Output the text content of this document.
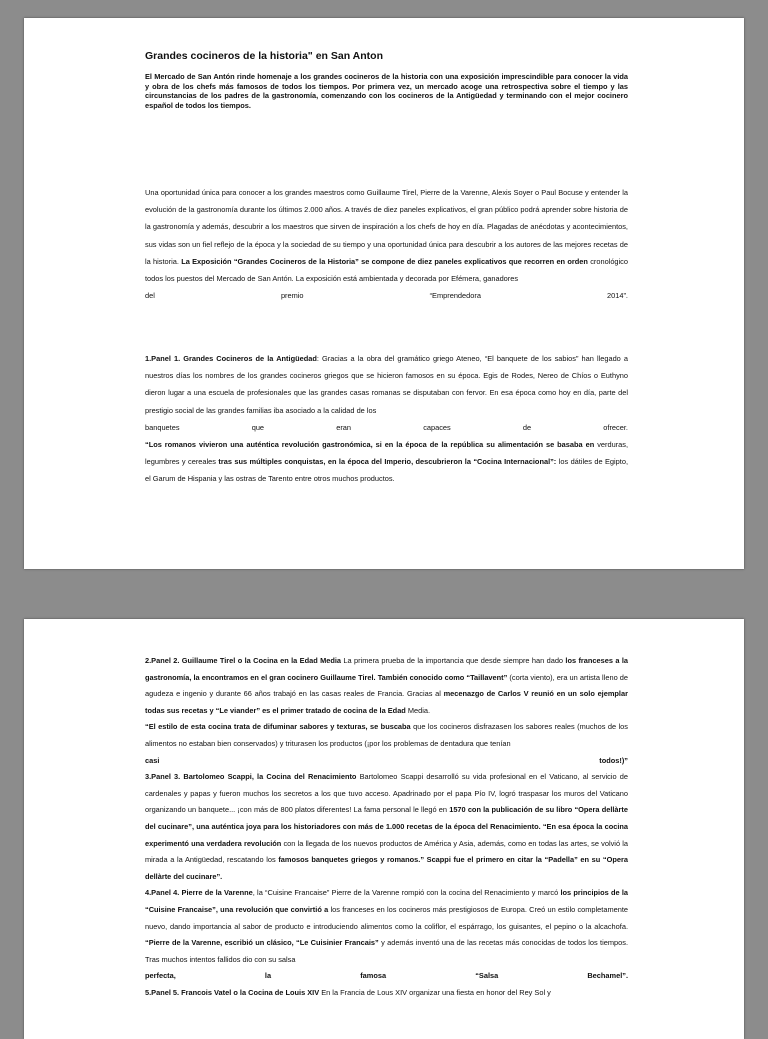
Grandes cocineros de la historia" en San Anton

El Mercado de San Antón rinde homenaje a los grandes cocineros de la historia con una exposición imprescindible para conocer la vida y obra de los chefs más famosos de todos los tiempos. Por primera vez, un mercado acoge una retrospectiva sobre el tiempo y las circunstancias de los padres de la gastronomía, comenzando con los cocineros de la Antigüedad y terminando con el mejor cocinero español de todos los tiempos.

Una oportunidad única para conocer a los grandes maestros como Guillaume Tirel, Pierre de la Varenne, Alexis Soyer o Paul Bocuse y entender la evolución de la gastronomía durante los últimos 2.000 años. A través de diez paneles explicativos, el gran público podrá aprender sobre historia de la gastronomía y además, descubrir a los maestros que sirven de inspiración a los chefs de hoy en día. Plagadas de anécdotas y acontecimientos, sus vidas son un fiel reflejo de la época y la sociedad de su tiempo y una oportunidad única para descubrir a los autores de las mejores recetas de la historia. La Exposición “Grandes Cocineros de la Historia” se compone de diez paneles explicativos que recorren en orden cronológico todos los puestos del Mercado de San Antón. La exposición está ambientada y decorada por Efémera, ganadores

del	premio	“Emprendedora	2014”.

1.Panel 1. Grandes Cocineros de la Antigüedad: Gracias a la obra del gramático griego Ateneo, “El banquete de los sabios” han llegado a nuestros días los nombres de los grandes cocineros griegos que se hicieron famosos en su época. Egis de Rodes, Nereo de Chíos o Euthyno dieron lugar a una escuela de profesionales que las grandes casas romanas se disputaban con fervor. En esa época como hoy en día, parte del prestigio social de las grandes familias iba asociado a la calidad de los

banquetes	que	eran	capaces	de	ofrecer.

“Los romanos vivieron una auténtica revolución gastronómica, si en la época de la república su alimentación se basaba en verduras, legumbres y cereales tras sus múltiples conquistas, en la época del Imperio, descubrieron la “Cocina Internacional”: los dátiles de Egipto, el Garum de Hispania y las ostras de Tarento entre otros muchos productos.

2.Panel 2. Guillaume Tirel o la Cocina en la Edad Media La primera prueba de la importancia que desde siempre han dado los franceses a la gastronomía, la encontramos en el gran cocinero Guillaume Tirel. También conocido como “Taillavent” (corta viento), era un artista lleno de agudeza e ingenio y durante 66 años trabajó en las casas reales de Francia. Gracias al mecenazgo de Carlos V reunió en un solo ejemplar todas sus recetas y “Le viander” es el primer tratado de cocina de la Edad Media.

“El estilo de esta cocina trata de difuminar sabores y texturas, se buscaba que los cocineros disfrazasen los sabores reales (muchos de los alimentos no estaban bien conservados) y triturasen los productos (¡por los problemas de dentadura que tenían

casi	todos!)”

3.Panel 3. Bartolomeo Scappi, la Cocina del Renacimiento Bartolomeo Scappi desarrolló su vida profesional en el Vaticano, al servicio de cardenales y papas y fueron muchos los secretos a los que tuvo acceso. Apadrinado por el papa Pío IV, logró traspasar los muros del Vaticano organizando un banquete... ¡con más de 800 platos diferentes! La fama personal le llegó en 1570 con la publicación de su libro “Opera dellàrte del cucinare”, una auténtica joya para los historiadores con más de 1.000 recetas de la época del Renacimiento. “En esa época la cocina experimentó una verdadera revolución con la llegada de los nuevos productos de América y Asia, además, como en todas las artes, se volvió la mirada a la Antigüedad, rescatando los famosos banquetes griegos y romanos.” Scappi fue el primero en citar la “Padella” en su “Opera dellàrte del cucinare”.

4.Panel 4. Pierre de la Varenne, la “Cuisine Francaise” Pierre de la Varenne rompió con la cocina del Renacimiento y marcó los principios de la “Cuisine Francaise”, una revolución que convirtió a los franceses en los cocineros más prestigiosos de Europa. Creó un estilo completamente nuevo, dando importancia al sabor de producto e introduciendo alimentos como la coliflor, el espárrago, los guisantes, el pepino o la alcachofa. “Pierre de la Varenne, escribió un clásico, “Le Cuisinier Francais” y además inventó una de las recetas más conocidas de todos los tiempos. Tras muchos intentos fallidos dio con su salsa

perfecta,	la	famosa	“Salsa	Bechamel”.

5.Panel 5. Francois Vatel o la Cocina de Louis XIV En la Francia de Lous XIV organizar una fiesta en honor del Rey Sol y
